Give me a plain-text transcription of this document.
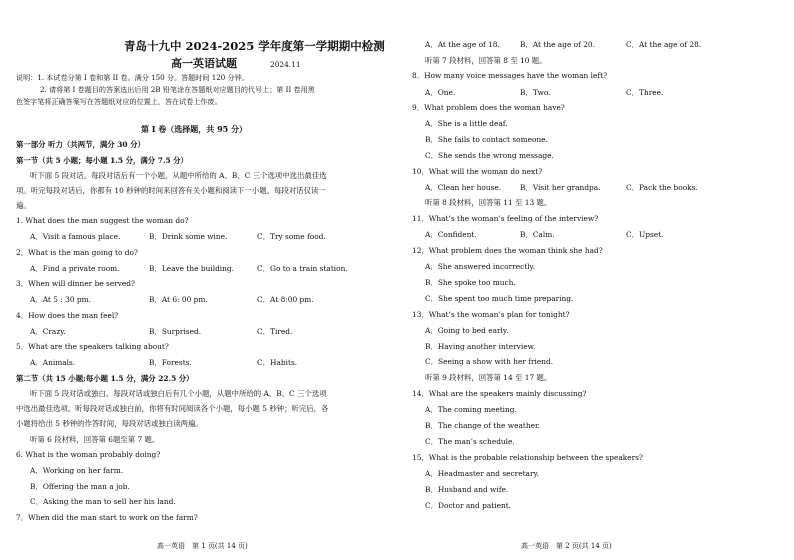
青岛十九中 2024-2025 学年度第一学期期中检测
高一英语试题	2024.11
说明：1. 本试卷分第 I 卷和第 II 卷。满分 150 分。答题时间 120 分钟。
2. 请将第 I 卷题目的答案选出后用 2B 铅笔涂在答题纸对应题目的代号上；第 II 卷用黑
色签字笔将正确答案写在答题纸对应的位置上，答在试卷上作废。
第 I 卷（选择题，共 95 分）
第一部分 听力（共两节，满分 30 分）
第一节（共 5 小题；每小题 1.5 分，满分 7.5 分）
听下面 5 段对话。每段对话后有一个小题，从题中所给的 A、B、C 三个选项中选出最佳选
项。听完每段对话后，你都有 10 秒钟的时间来回答有关小题和阅读下一小题。每段对话仅读一
遍。
1. What does the man suggest the woman do?
A．Visit a famous place.	B．Drink some wine.	C．Try some food.
2．What is the man going to do?
A．Find a private room.	B．Leave the building.	C．Go to a train station.
3．When will dinner be served?
A．At 5 : 30 pm.	B．At 6: 00 pm.	C．At 8:00 pm.
4．How does the man feel?
A．Crazy.	B．Surprised.	C．Tired.
5．What are the speakers talking about?
A．Animals.	B．Forests.	C．Habits.
第二节（共 15 小题;每小题 1.5 分，满分 22.5 分）
听下面 5 段对话或独白。每段对话或独白后有几个小题，从题中所给的 A、B、C 三个选项
中选出最佳选项。听每段对话或独白前，你将有时间阅读各个小题，每小题 5 秒钟；听完后，各
小题将给出 5 秒钟的作答时间，每段对话或独白读两遍。
听第 6 段材料，回答第 6题至第 7 题。
6. What is the woman probably doing?
A．Working on her farm.
B．Offering the man a job.
C．Asking the man to sell her his land.
7．When did the man start to work on the farm?
高一英语　第 1 页(共 14 页)
A．At the age of 18.	B．At the age of 20.	C．At the age of 28.
听第 7 段材料，回答第 8 至 10 题。
8．How many voice messages have the woman left?
A．One.	B．Two.	C．Three.
9．What problem does the woman have?
A．She is a little deaf.
B．She fails to contact someone.
C．She sends the wrong message.
10．What will the woman do next?
A．Clean her house.	B．Visit her grandpa.	C．Pack the books.
听第 8 段材料，回答第 11 至 13 题。
11．What’s the woman’s feeling of the interview?
A．Confident.	B．Calm.	C．Upset.
12．What problem does the woman think she had?
A．She answered incorrectly.
B．She spoke too much.
C．She spent too much time preparing.
13．What’s the woman’s plan for tonight?
A．Going to bed early.
B．Having another interview.
C．Seeing a show with her friend.
听第 9 段材料，回答第 14 至 17 题。
14．What are the speakers mainly discussing?
A．The coming meeting.
B．The change of the weather.
C．The man’s schedule.
15．What is the probable relationship between the speakers?
A．Headmaster and secretary.
B．Husband and wife.
C．Doctor and patient.
高一英语　第 2 页(共 14 页)
